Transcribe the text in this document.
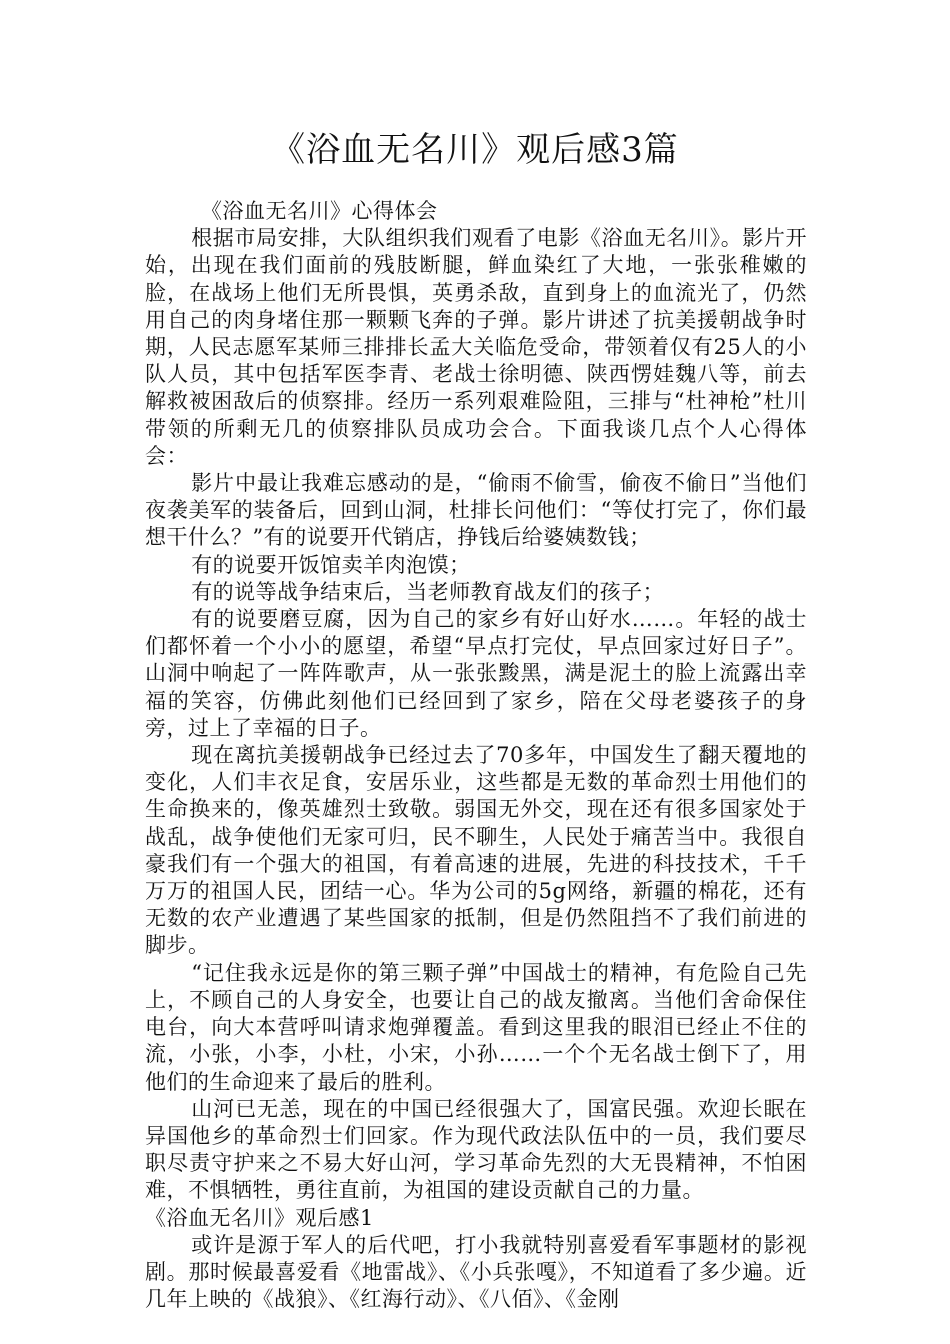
《浴血无名川》观后感3篇
《浴血无名川》心得体会

根据市局安排，大队组织我们观看了电影《浴血无名川》。影片开始，出现在我们面前的残肢断腿，鲜血染红了大地，一张张稚嫩的脸，在战场上他们无所畏惧，英勇杀敌，直到身上的血流光了，仍然用自己的肉身堵住那一颗颗飞奔的子弹。影片讲述了抗美援朝战争时期，人民志愿军某师三排排长孟大关临危受命，带领着仅有25人的小队人员，其中包括军医李青、老战士徐明德、陕西愣娃魏八等，前去解救被困敌后的侦察排。经历一系列艰难险阻，三排与“杜神枪”杜川带领的所剩无几的侦察排队员成功会合。下面我谈几点个人心得体会：

影片中最让我难忘感动的是，“偷雨不偷雪，偷夜不偷日”当他们夜袭美军的装备后，回到山洞，杜排长问他们：“等仗打完了，你们最想干什么？”有的说要开代销店，挣钱后给婆姨数钱；

有的说要开饭馆卖羊肉泡馍；

有的说等战争结束后，当老师教育战友们的孩子；

有的说要磨豆腐，因为自己的家乡有好山好水……。年轻的战士们都怀着一个小小的愿望，希望“早点打完仗，早点回家过好日子”。山洞中响起了一阵阵歌声，从一张张黢黑，满是泥土的脸上流露出幸福的笑容，仿佛此刻他们已经回到了家乡，陪在父母老婆孩子的身旁，过上了幸福的日子。

现在离抗美援朝战争已经过去了70多年，中国发生了翻天覆地的变化，人们丰衣足食，安居乐业，这些都是无数的革命烈士用他们的生命换来的，像英雄烈士致敬。弱国无外交，现在还有很多国家处于战乱，战争使他们无家可归，民不聊生，人民处于痛苦当中。我很自豪我们有一个强大的祖国，有着高速的进展，先进的科技技术，千千万万的祖国人民，团结一心。华为公司的5g网络，新疆的棉花，还有无数的农产业遭遇了某些国家的抵制，但是仍然阻挡不了我们前进的脚步。

“记住我永远是你的第三颗子弹”中国战士的精神，有危险自己先上，不顾自己的人身安全，也要让自己的战友撤离。当他们舍命保住电台，向大本营呼叫请求炮弹覆盖。看到这里我的眼泪已经止不住的流，小张，小李，小杜，小宋，小孙……一个个无名战士倒下了，用他们的生命迎来了最后的胜利。

山河已无恙，现在的中国已经很强大了，国富民强。欢迎长眠在异国他乡的革命烈士们回家。作为现代政法队伍中的一员，我们要尽职尽责守护来之不易大好山河，学习革命先烈的大无畏精神，不怕困难，不惧牺牲，勇往直前，为祖国的建设贡献自己的力量。

《浴血无名川》观后感1

或许是源于军人的后代吧，打小我就特别喜爱看军事题材的影视剧。那时候最喜爱看《地雷战》、《小兵张嘎》，不知道看了多少遍。近几年上映的《战狼》、《红海行动》、《八佰》、《金刚
